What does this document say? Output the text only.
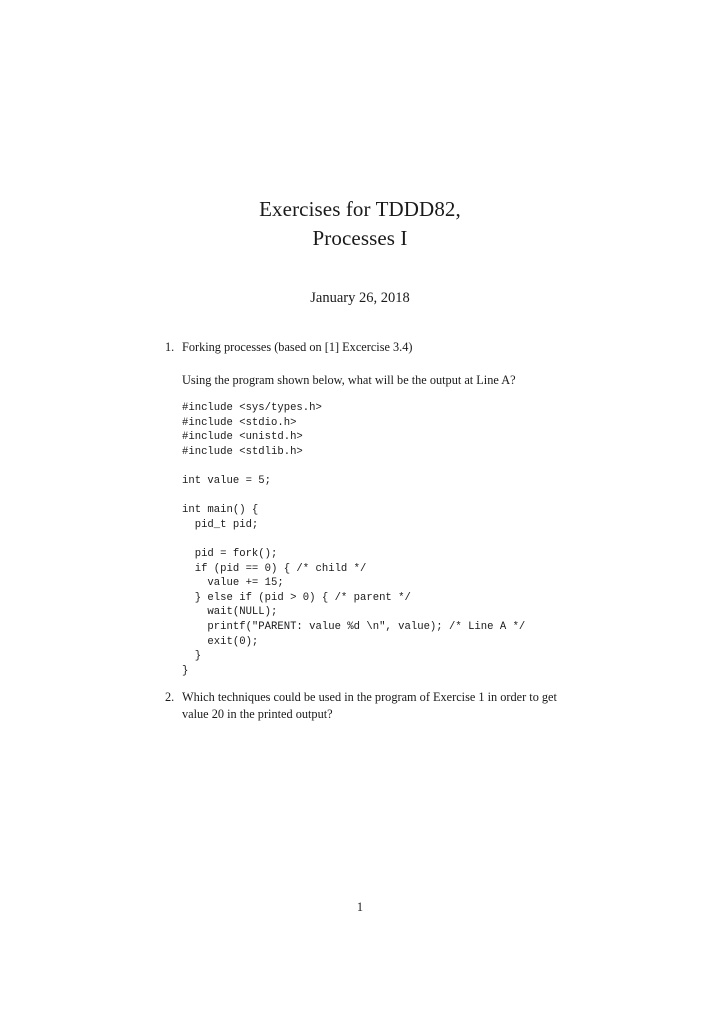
Exercises for TDDD82,
Processes I
January 26, 2018
1. Forking processes (based on [1] Excercise 3.4)
Using the program shown below, what will be the output at Line A?
#include <sys/types.h>
#include <stdio.h>
#include <unistd.h>
#include <stdlib.h>
int value = 5;
int main() {
pid_t pid;
pid = fork();
if (pid == 0) { /* child */
value += 15;
} else if (pid > 0) { /* parent */
wait(NULL);
printf("PARENT: value %d \n", value); /* Line A */
exit(0);
}
}
2. Which techniques could be used in the program of Exercise 1 in order to get value 20 in the printed output?
1
